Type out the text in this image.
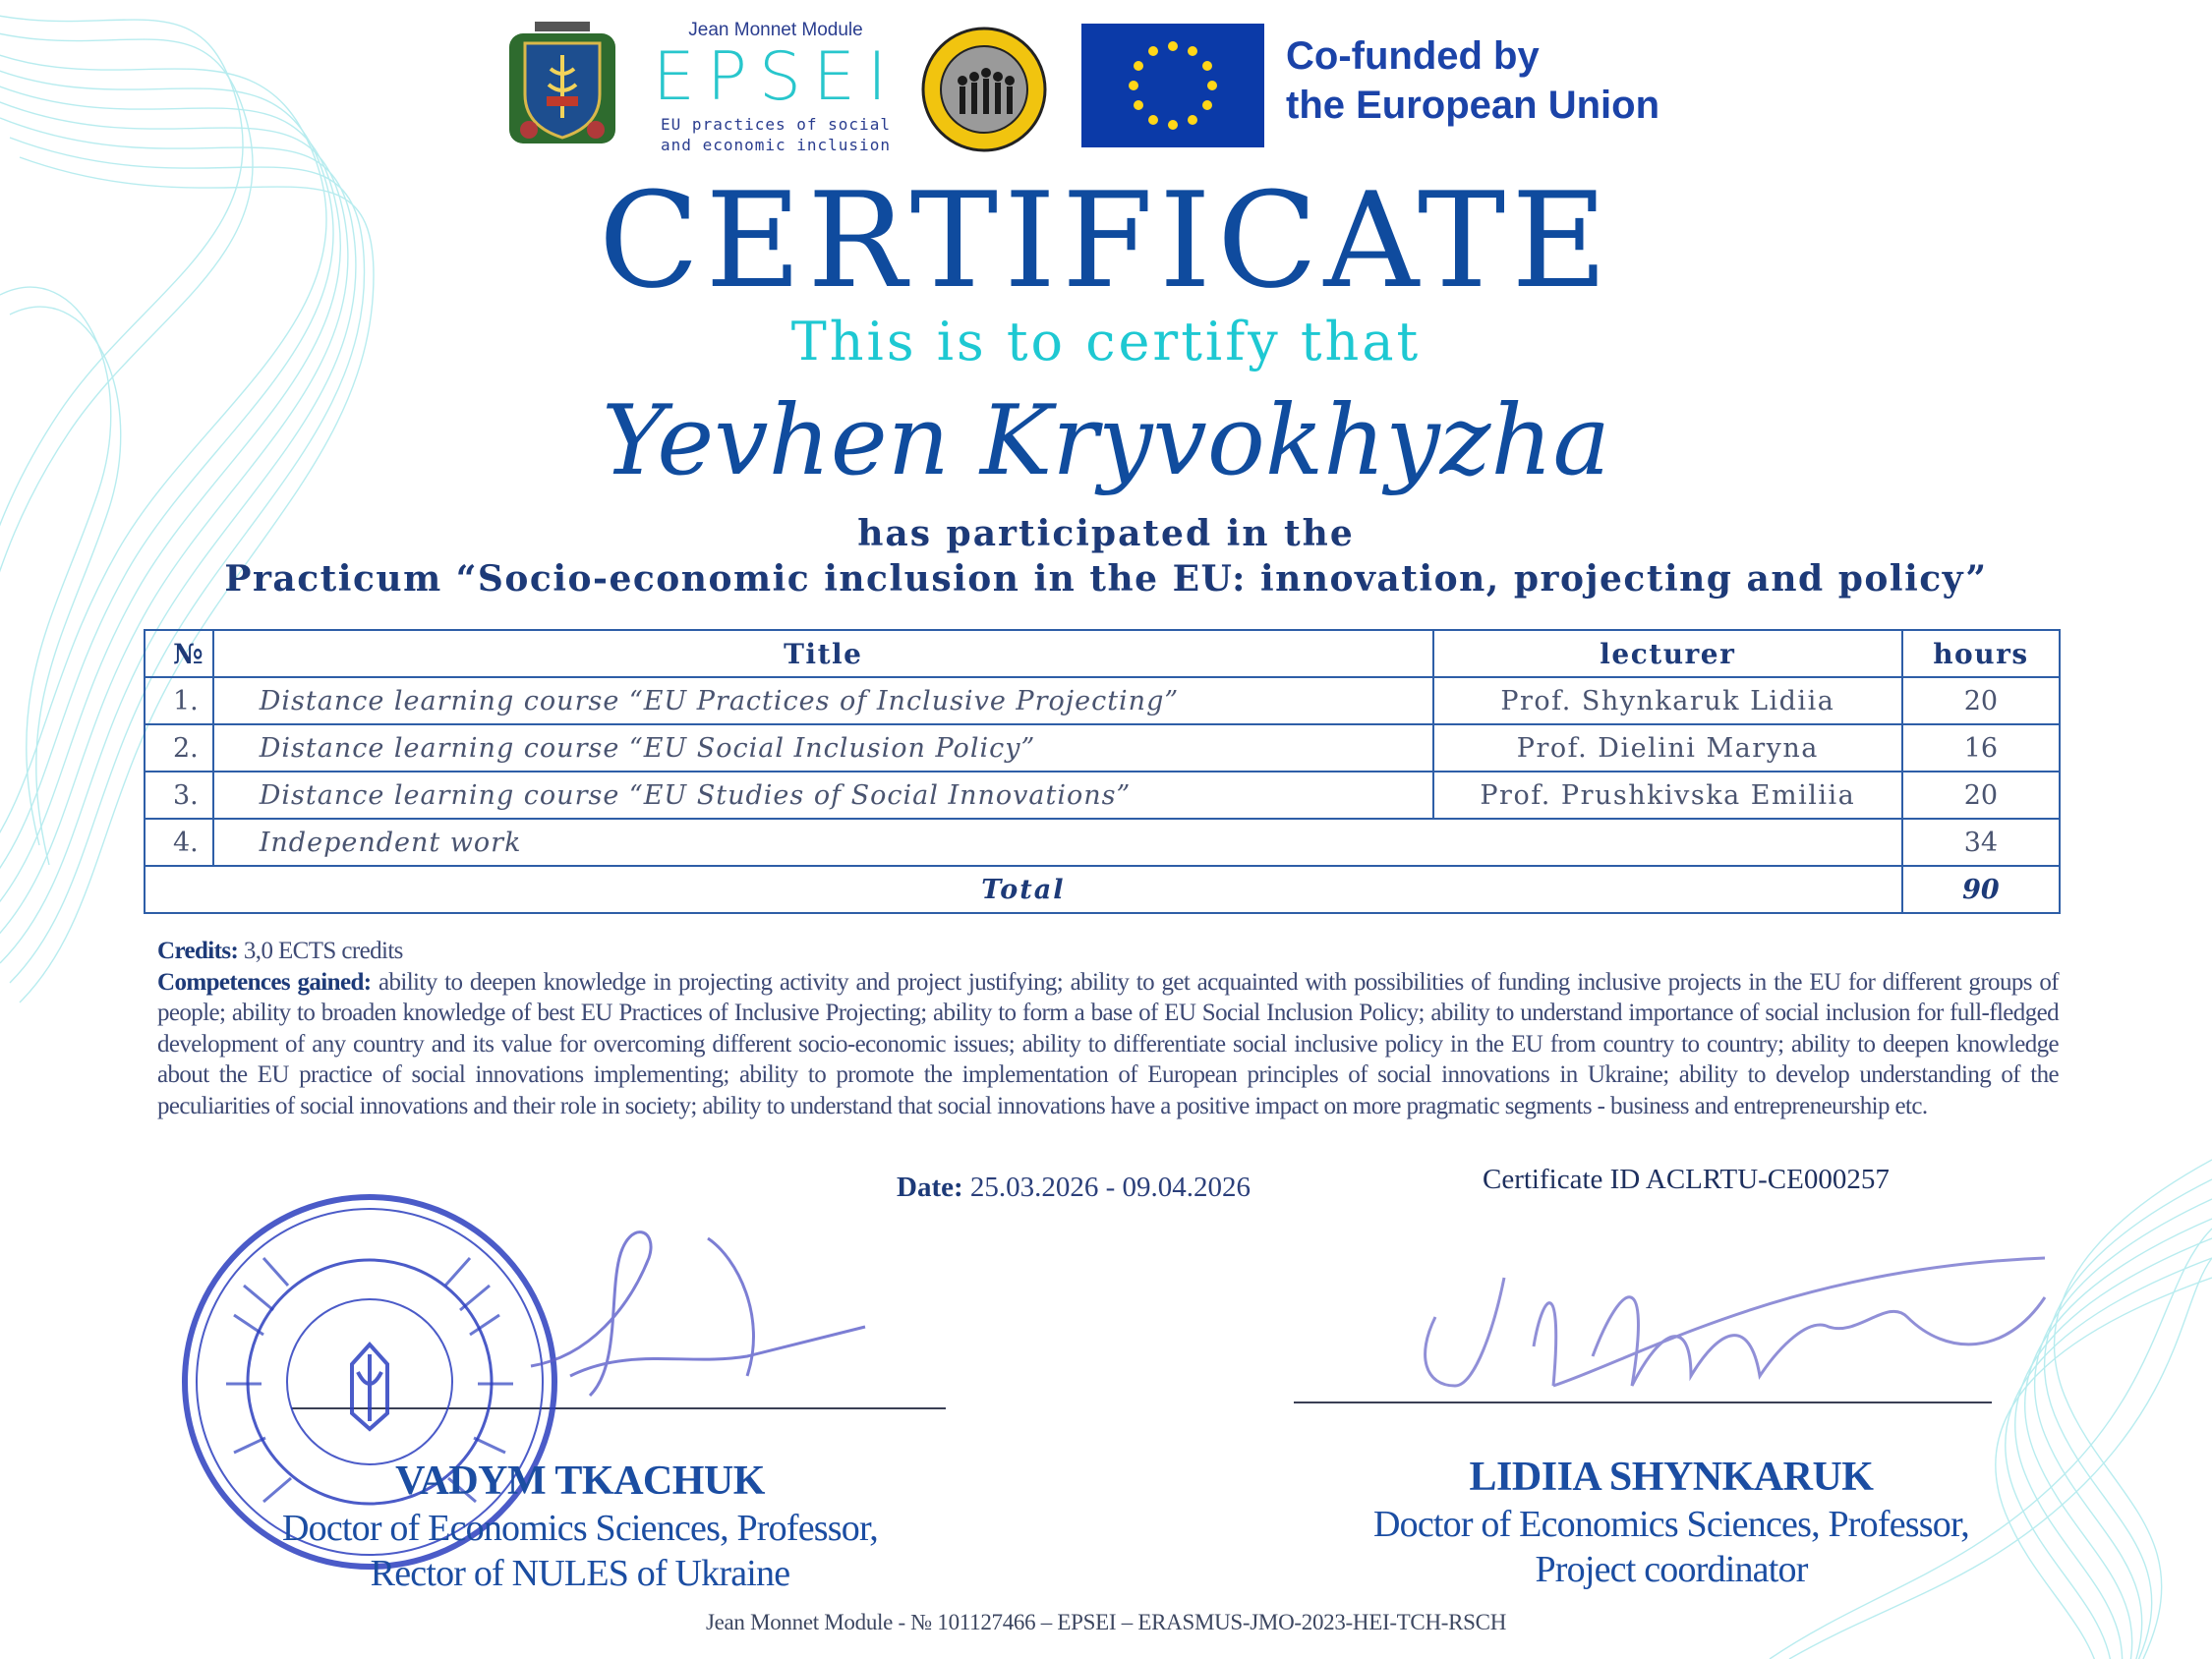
Jean Monnet Module
EPSEI
EU practices of social
and economic inclusion
Co-funded by
the European Union
CERTIFICATE
This is to certify that
Yevhen Kryvokhyzha
has participated in the
Practicum “Socio-economic inclusion in the EU: innovation, projecting and policy”
№	Title	lecturer	hours
1.	Distance learning course “EU Practices of Inclusive Projecting”	Prof. Shynkaruk Lidiia	20
2.	Distance learning course “EU Social Inclusion Policy”	Prof. Dielini Maryna	16
3.	Distance learning course “EU Studies of Social Innovations”	Prof. Prushkivska Emiliia	20
4.	Independent work		34
Total			90
Credits: 3,0 ECTS credits
Competences gained: ability to deepen knowledge in projecting activity and project justifying; ability to get acquainted with possibilities of funding inclusive projects in the EU for different groups of people; ability to broaden knowledge of best EU Practices of Inclusive Projecting; ability to form a base of EU Social Inclusion Policy; ability to understand importance of social inclusion for full-fledged development of any country and its value for overcoming different socio-economic issues; ability to differentiate social inclusive policy in the EU from country to country; ability to deepen knowledge about the EU practice of social innovations implementing; ability to promote the implementation of European principles of social innovations in Ukraine; ability to develop understanding of the peculiarities of social innovations and their role in society; ability to understand that social innovations have a positive impact on more pragmatic segments - business and entrepreneurship etc.
Date: 25.03.2026 - 09.04.2026	Certificate ID ACLRTU-CE000257
VADYM TKACHUK
Doctor of Economics Sciences, Professor,
Rector of NULES of Ukraine
LIDIIA SHYNKARUK
Doctor of Economics Sciences, Professor,
Project coordinator
Jean Monnet Module - № 101127466 – EPSEI – ERASMUS-JMO-2023-HEI-TCH-RSCH
